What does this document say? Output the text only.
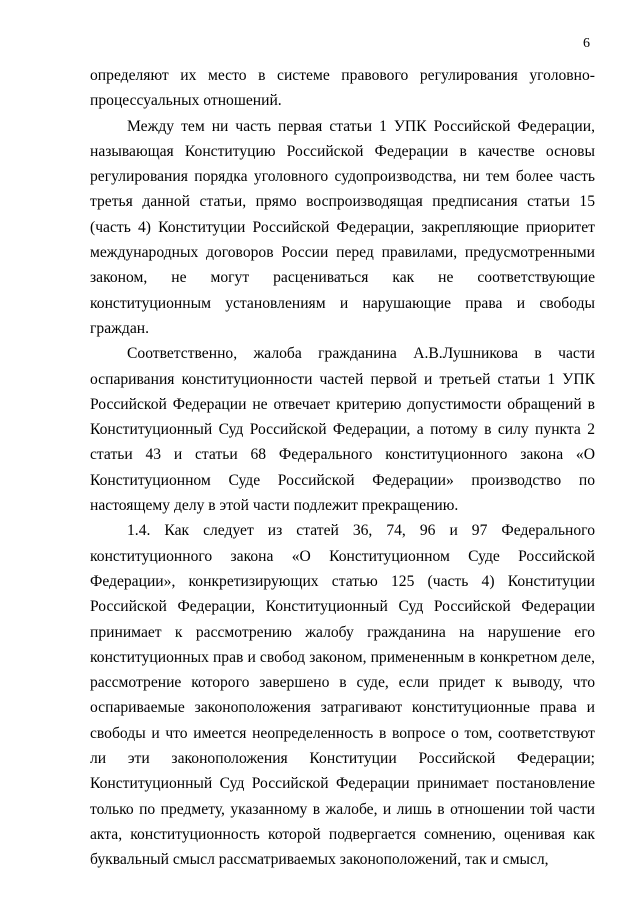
6

определяют их место в системе правового регулирования уголовно-процессуальных отношений.

Между тем ни часть первая статьи 1 УПК Российской Федерации, называющая Конституцию Российской Федерации в качестве основы регулирования порядка уголовного судопроизводства, ни тем более часть третья данной статьи, прямо воспроизводящая предписания статьи 15 (часть 4) Конституции Российской Федерации, закрепляющие приоритет международных договоров России перед правилами, предусмотренными законом, не могут расцениваться как не соответствующие конституционным установлениям и нарушающие права и свободы граждан.

Соответственно, жалоба гражданина А.В.Лушникова в части оспаривания конституционности частей первой и третьей статьи 1 УПК Российской Федерации не отвечает критерию допустимости обращений в Конституционный Суд Российской Федерации, а потому в силу пункта 2 статьи 43 и статьи 68 Федерального конституционного закона «О Конституционном Суде Российской Федерации» производство по настоящему делу в этой части подлежит прекращению.

1.4. Как следует из статей 36, 74, 96 и 97 Федерального конституционного закона «О Конституционном Суде Российской Федерации», конкретизирующих статью 125 (часть 4) Конституции Российской Федерации, Конституционный Суд Российской Федерации принимает к рассмотрению жалобу гражданина на нарушение его конституционных прав и свобод законом, примененным в конкретном деле, рассмотрение которого завершено в суде, если придет к выводу, что оспариваемые законоположения затрагивают конституционные права и свободы и что имеется неопределенность в вопросе о том, соответствуют ли эти законоположения Конституции Российской Федерации; Конституционный Суд Российской Федерации принимает постановление только по предмету, указанному в жалобе, и лишь в отношении той части акта, конституционность которой подвергается сомнению, оценивая как буквальный смысл рассматриваемых законоположений, так и смысл,
